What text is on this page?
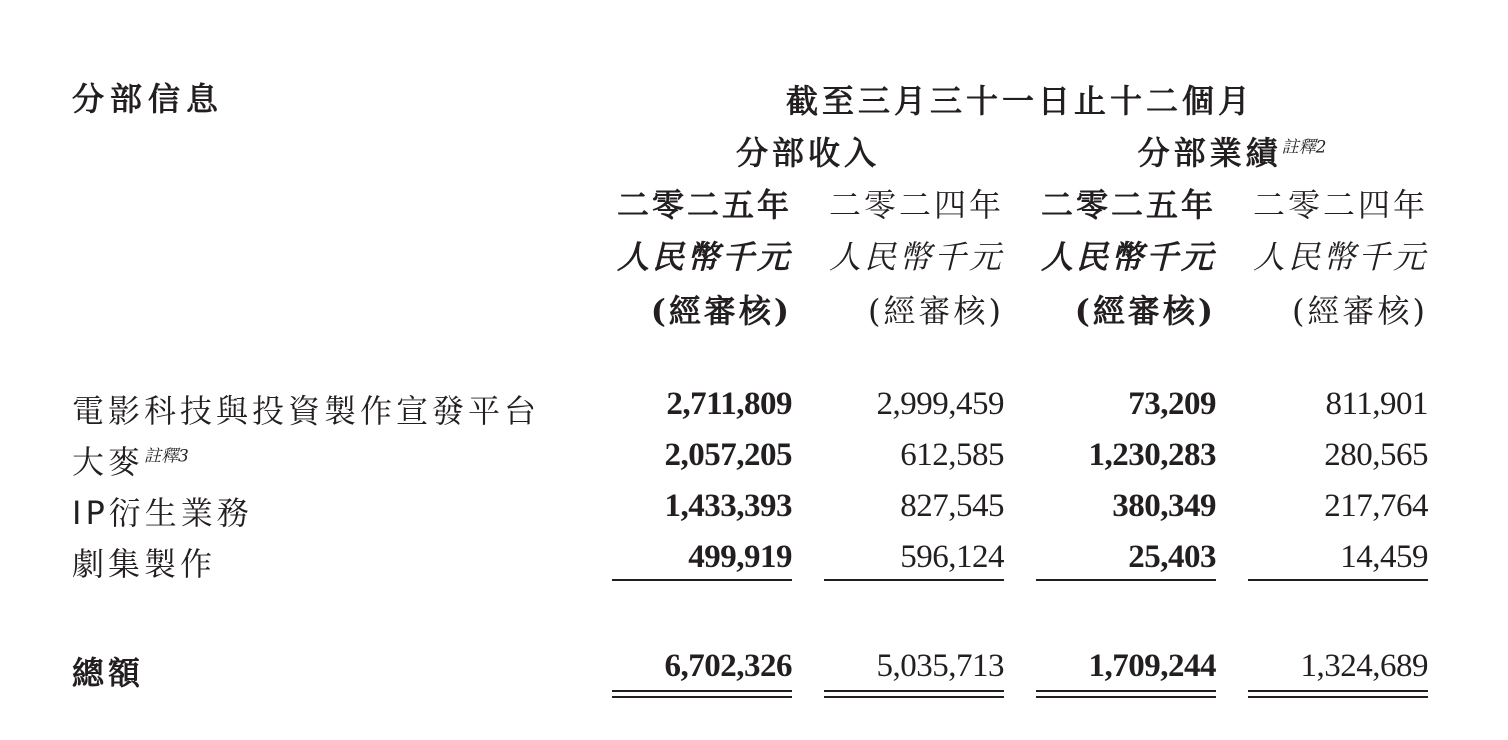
分部信息	截至三月三十一日止十二個月
分部收入	分部業績$^{註釋2}$
二零二五年 二零二四年 二零二五年 二零二四年
人民幣千元 人民幣千元 人民幣千元 人民幣千元
(經審核)	(經審核)	(經審核)	(經審核)
電影科技與投資製作宣發平台	2,711,809	2,999,459	73,209	811,901
大麥$^{註釋3}$	2,057,205	612,585	1,230,283	280,565
IP衍生業務	1,433,393	827,545	380,349	217,764
劇集製作	499,919	596,124	25,403	14,459
總額	6,702,326	5,035,713	1,709,244	1,324,689
